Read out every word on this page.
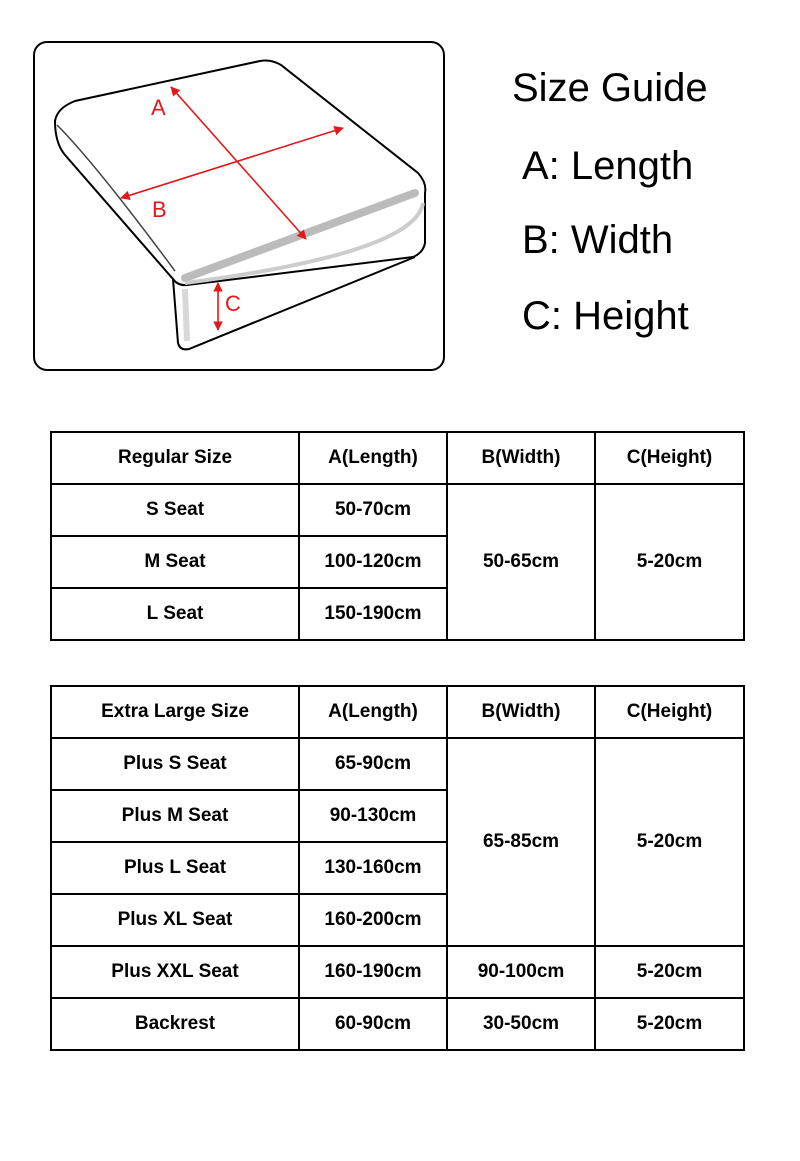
A
B
C
Size Guide
A: Length
B: Width
C: Height
Regular Size	A(Length)	B(Width)	C(Height)
S Seat	50-70cm	50-65cm	5-20cm
M Seat	100-120cm		
L Seat	150-190cm		
Extra Large Size	A(Length)	B(Width)	C(Height)
Plus S Seat	65-90cm	65-85cm	5-20cm
Plus M Seat	90-130cm		
Plus L Seat	130-160cm		
Plus XL Seat	160-200cm		
Plus XXL Seat	160-190cm	90-100cm	5-20cm
Backrest	60-90cm	30-50cm	5-20cm
